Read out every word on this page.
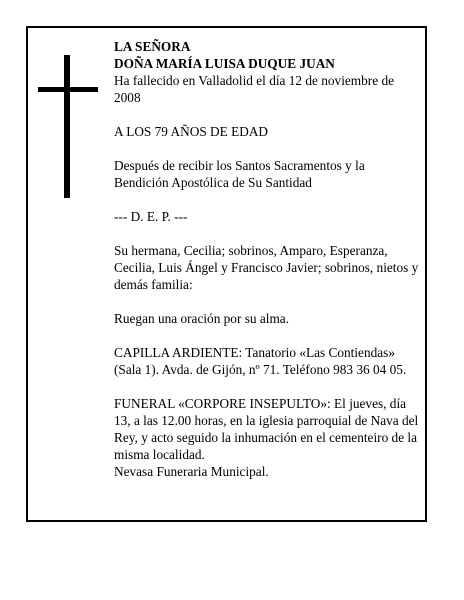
LA SEÑORA

DOÑA MARÍA LUISA DUQUE JUAN

Ha fallecido en Valladolid el día 12 de noviembre de 2008

A LOS 79 AÑOS DE EDAD

Después de recibir los Santos Sacramentos y la Bendición Apostólica de Su Santidad

--- D. E. P. ---

Su hermana, Cecilia; sobrinos, Amparo, Esperanza, Cecilia, Luis Ángel y Francisco Javier; sobrinos, nietos y demás familia:

Ruegan una oración por su alma.

CAPILLA ARDIENTE: Tanatorio «Las Contiendas» (Sala 1). Avda. de Gijón, nº 71. Teléfono 983 36 04 05.

FUNERAL «CORPORE INSEPULTO»: El jueves, día 13, a las 12.00 horas, en la iglesia parroquial de Nava del Rey, y acto seguido la inhumación en el cementeiro de la misma localidad.

Nevasa Funeraria Municipal.
